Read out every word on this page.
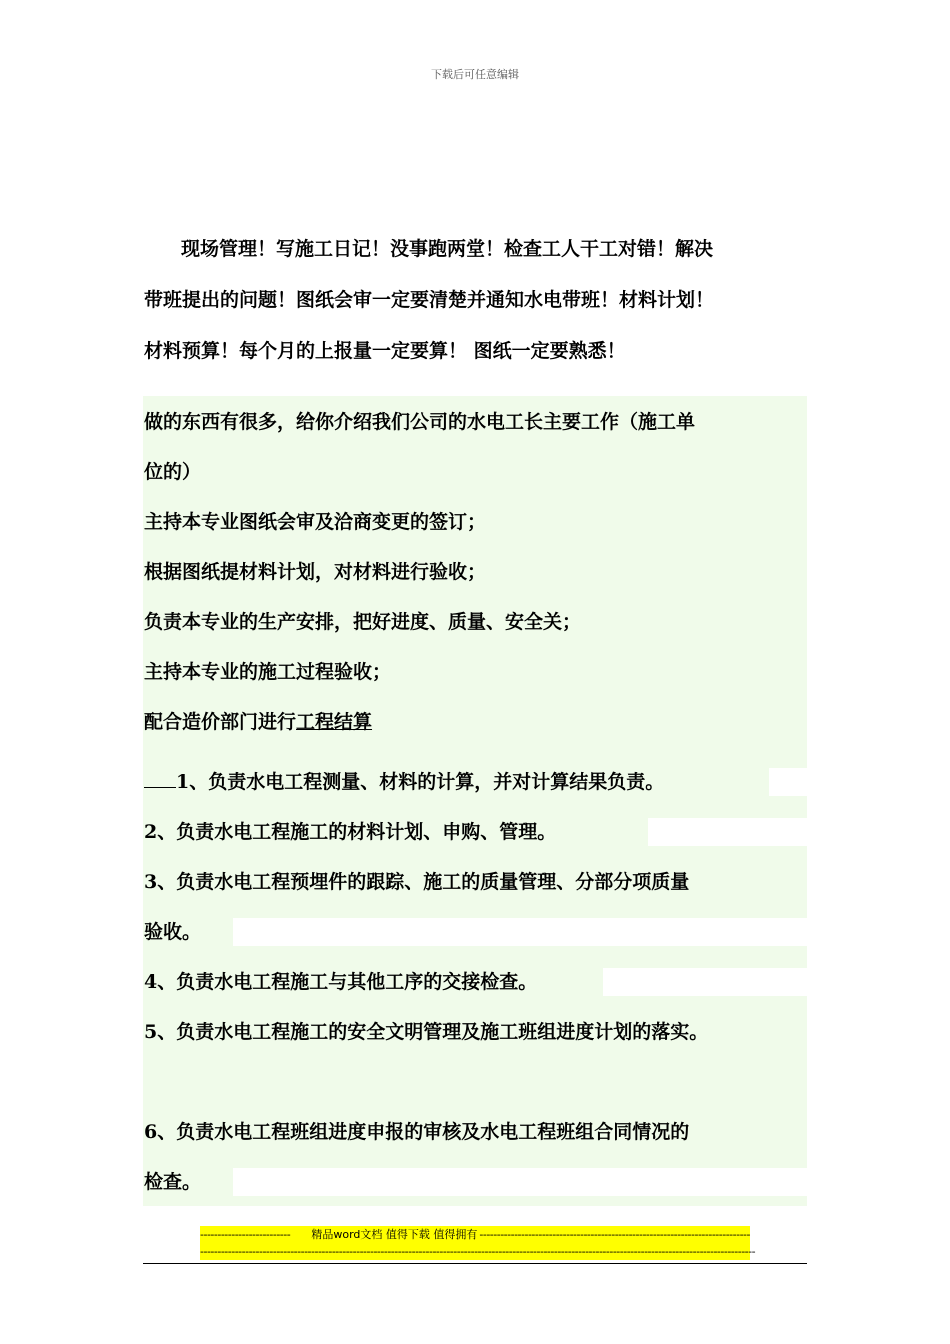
下载后可任意编辑

现场管理！写施工日记！没事跑两堂！检查工人干工对错！解决

带班提出的问题！图纸会审一定要清楚并通知水电带班！材料计划！

材料预算！每个月的上报量一定要算！ 图纸一定要熟悉！

做的东西有很多，给你介绍我们公司的水电工长主要工作（施工单
位的）
主持本专业图纸会审及洽商变更的签订；
根据图纸提材料计划，对材料进行验收；
负责本专业的生产安排，把好进度、质量、安全关；
主持本专业的施工过程验收；
配合造价部门进行工程结算
1、负责水电工程测量、材料的计算，并对计算结果负责。
2、负责水电工程施工的材料计划、申购、管理。
3、负责水电工程预埋件的跟踪、施工的质量管理、分部分项质量
验收。
4、负责水电工程施工与其他工序的交接检查。
5、负责水电工程施工的安全文明管理及施工班组进度计划的落实。
6、负责水电工程班组进度申报的审核及水电工程班组合同情况的
检查。
--------------------------	精品word文档 值得下载 值得拥有 ------------------------------------------------------------------------------
----------------------------------------------------------------------------------------------------------------------------------------------------------------
